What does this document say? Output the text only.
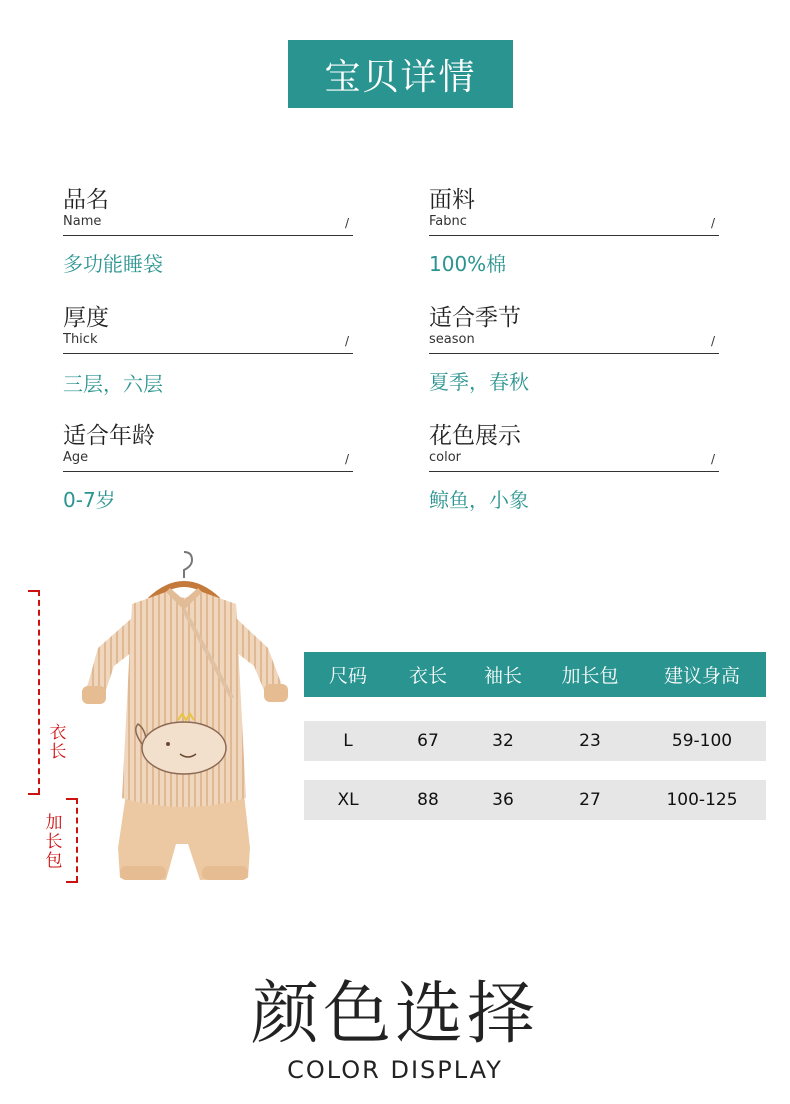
宝贝详情
品名
Name	/
多功能睡袋
面料
Fabnc	/
100%棉
厚度
Thick	/
三层，六层
适合季节
season	/
夏季，春秋
适合年龄
Age	/
0-7岁
花色展示
color	/
鲸鱼，小象
衣长
加长包
尺码	衣长	袖长	加长包	建议身高
L	67	32	23	59-100
XL	88	36	27	100-125
颜色选择
COLOR DISPLAY
